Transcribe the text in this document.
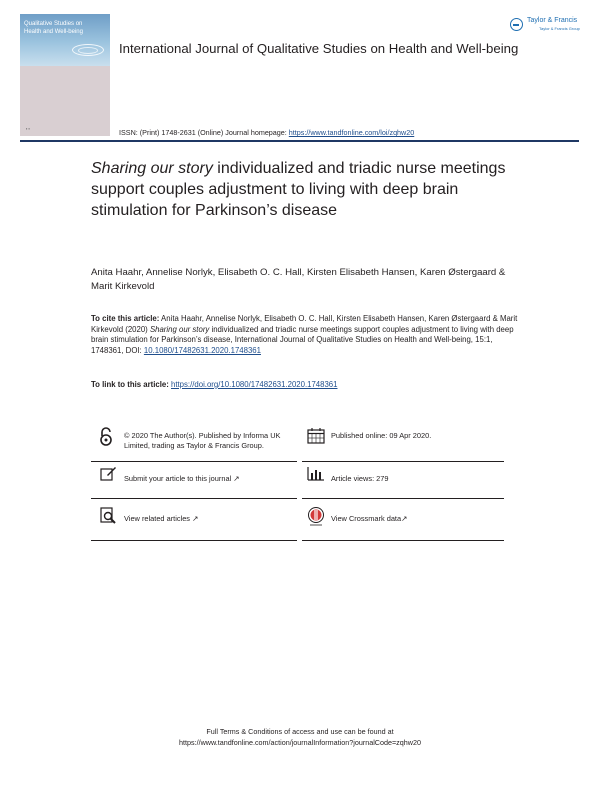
Qualitative Studies on Health and Well-being
▪ ▪
Taylor & Francis
Taylor & Francis Group
International Journal of Qualitative Studies on Health and Well-being
ISSN: (Print) 1748-2631 (Online) Journal homepage: https://www.tandfonline.com/loi/zqhw20
Sharing our story individualized and triadic nurse meetings support couples adjustment to living with deep brain stimulation for Parkinson’s disease
Anita Haahr, Annelise Norlyk, Elisabeth O. C. Hall, Kirsten Elisabeth Hansen, Karen Østergaard & Marit Kirkevold
To cite this article: Anita Haahr, Annelise Norlyk, Elisabeth O. C. Hall, Kirsten Elisabeth Hansen, Karen Østergaard & Marit Kirkevold (2020) Sharing our story individualized and triadic nurse meetings support couples adjustment to living with deep brain stimulation for Parkinson’s disease, International Journal of Qualitative Studies on Health and Well-being, 15:1, 1748361, DOI: 10.1080/17482631.2020.1748361
To link to this article: https://doi.org/10.1080/17482631.2020.1748361
© 2020 The Author(s). Published by Informa UK Limited, trading as Taylor & Francis Group.
Published online: 09 Apr 2020.
Submit your article to this journal ↗	Article views: 279
View related articles ↗	View Crossmark data↗
Full Terms & Conditions of access and use can be found at
https://www.tandfonline.com/action/journalInformation?journalCode=zqhw20
